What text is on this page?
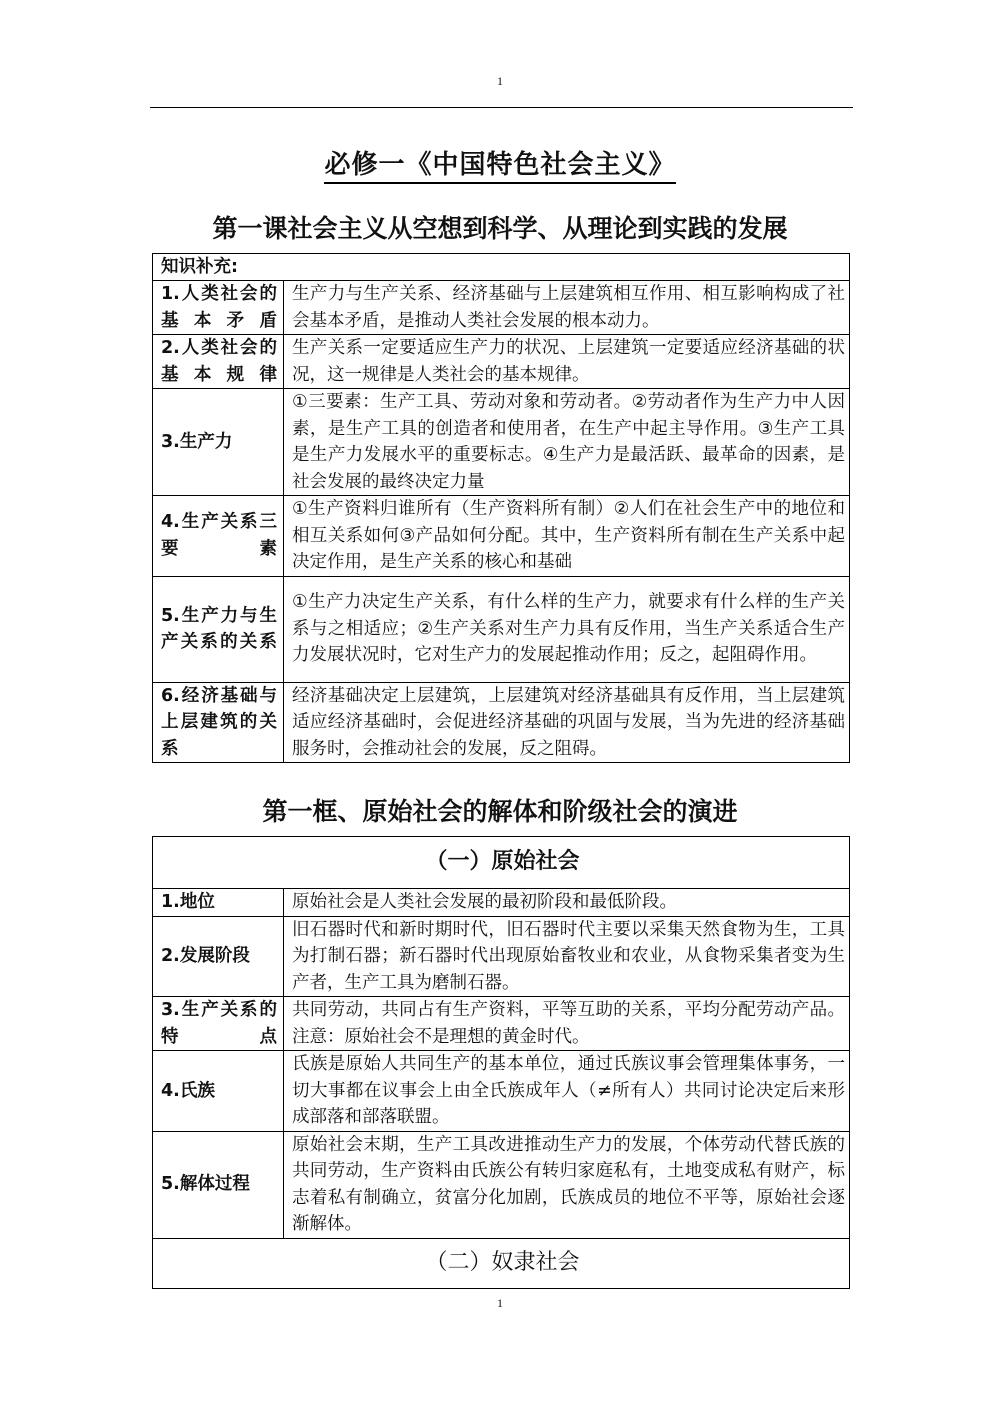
1
必修一《中国特色社会主义》
第一课社会主义从空想到科学、从理论到实践的发展
知识补充:	
1.人类社会的基本矛盾	生产力与生产关系、经济基础与上层建筑相互作用、相互影响构成了社会基本矛盾，是推动人类社会发展的根本动力。
2.人类社会的基本规律	生产关系一定要适应生产力的状况、上层建筑一定要适应经济基础的状况，这一规律是人类社会的基本规律。
3.生产力	①三要素：生产工具、劳动对象和劳动者。②劳动者作为生产力中人因素，是生产工具的创造者和使用者，在生产中起主导作用。③生产工具是生产力发展水平的重要标志。④生产力是最活跃、最革命的因素，是社会发展的最终决定力量
4.生产关系三要素	①生产资料归谁所有（生产资料所有制）②人们在社会生产中的地位和相互关系如何③产品如何分配。其中，生产资料所有制在生产关系中起决定作用，是生产关系的核心和基础
5.生产力与生产关系的关系	①生产力决定生产关系，有什么样的生产力，就要求有什么样的生产关系与之相适应；②生产关系对生产力具有反作用，当生产关系适合生产力发展状况时，它对生产力的发展起推动作用；反之，起阻碍作用。
6.经济基础与上层建筑的关系	经济基础决定上层建筑，上层建筑对经济基础具有反作用，当上层建筑适应经济基础时，会促进经济基础的巩固与发展，当为先进的经济基础服务时，会推动社会的发展，反之阻碍。
第一框、原始社会的解体和阶级社会的演进
（一）原始社会	
1.地位	原始社会是人类社会发展的最初阶段和最低阶段。
2.发展阶段	旧石器时代和新时期时代，旧石器时代主要以采集天然食物为生，工具为打制石器；新石器时代出现原始畜牧业和农业，从食物采集者变为生产者，生产工具为磨制石器。
3.生产关系的特点	共同劳动，共同占有生产资料，平等互助的关系，平均分配劳动产品。注意：原始社会不是理想的黄金时代。
4.氏族	氏族是原始人共同生产的基本单位，通过氏族议事会管理集体事务，一切大事都在议事会上由全氏族成年人（≠所有人）共同讨论决定后来形成部落和部落联盟。
5.解体过程	原始社会末期，生产工具改进推动生产力的发展，个体劳动代替氏族的共同劳动，生产资料由氏族公有转归家庭私有，土地变成私有财产，标志着私有制确立，贫富分化加剧，氏族成员的地位不平等，原始社会逐渐解体。
（二）奴隶社会	
1
